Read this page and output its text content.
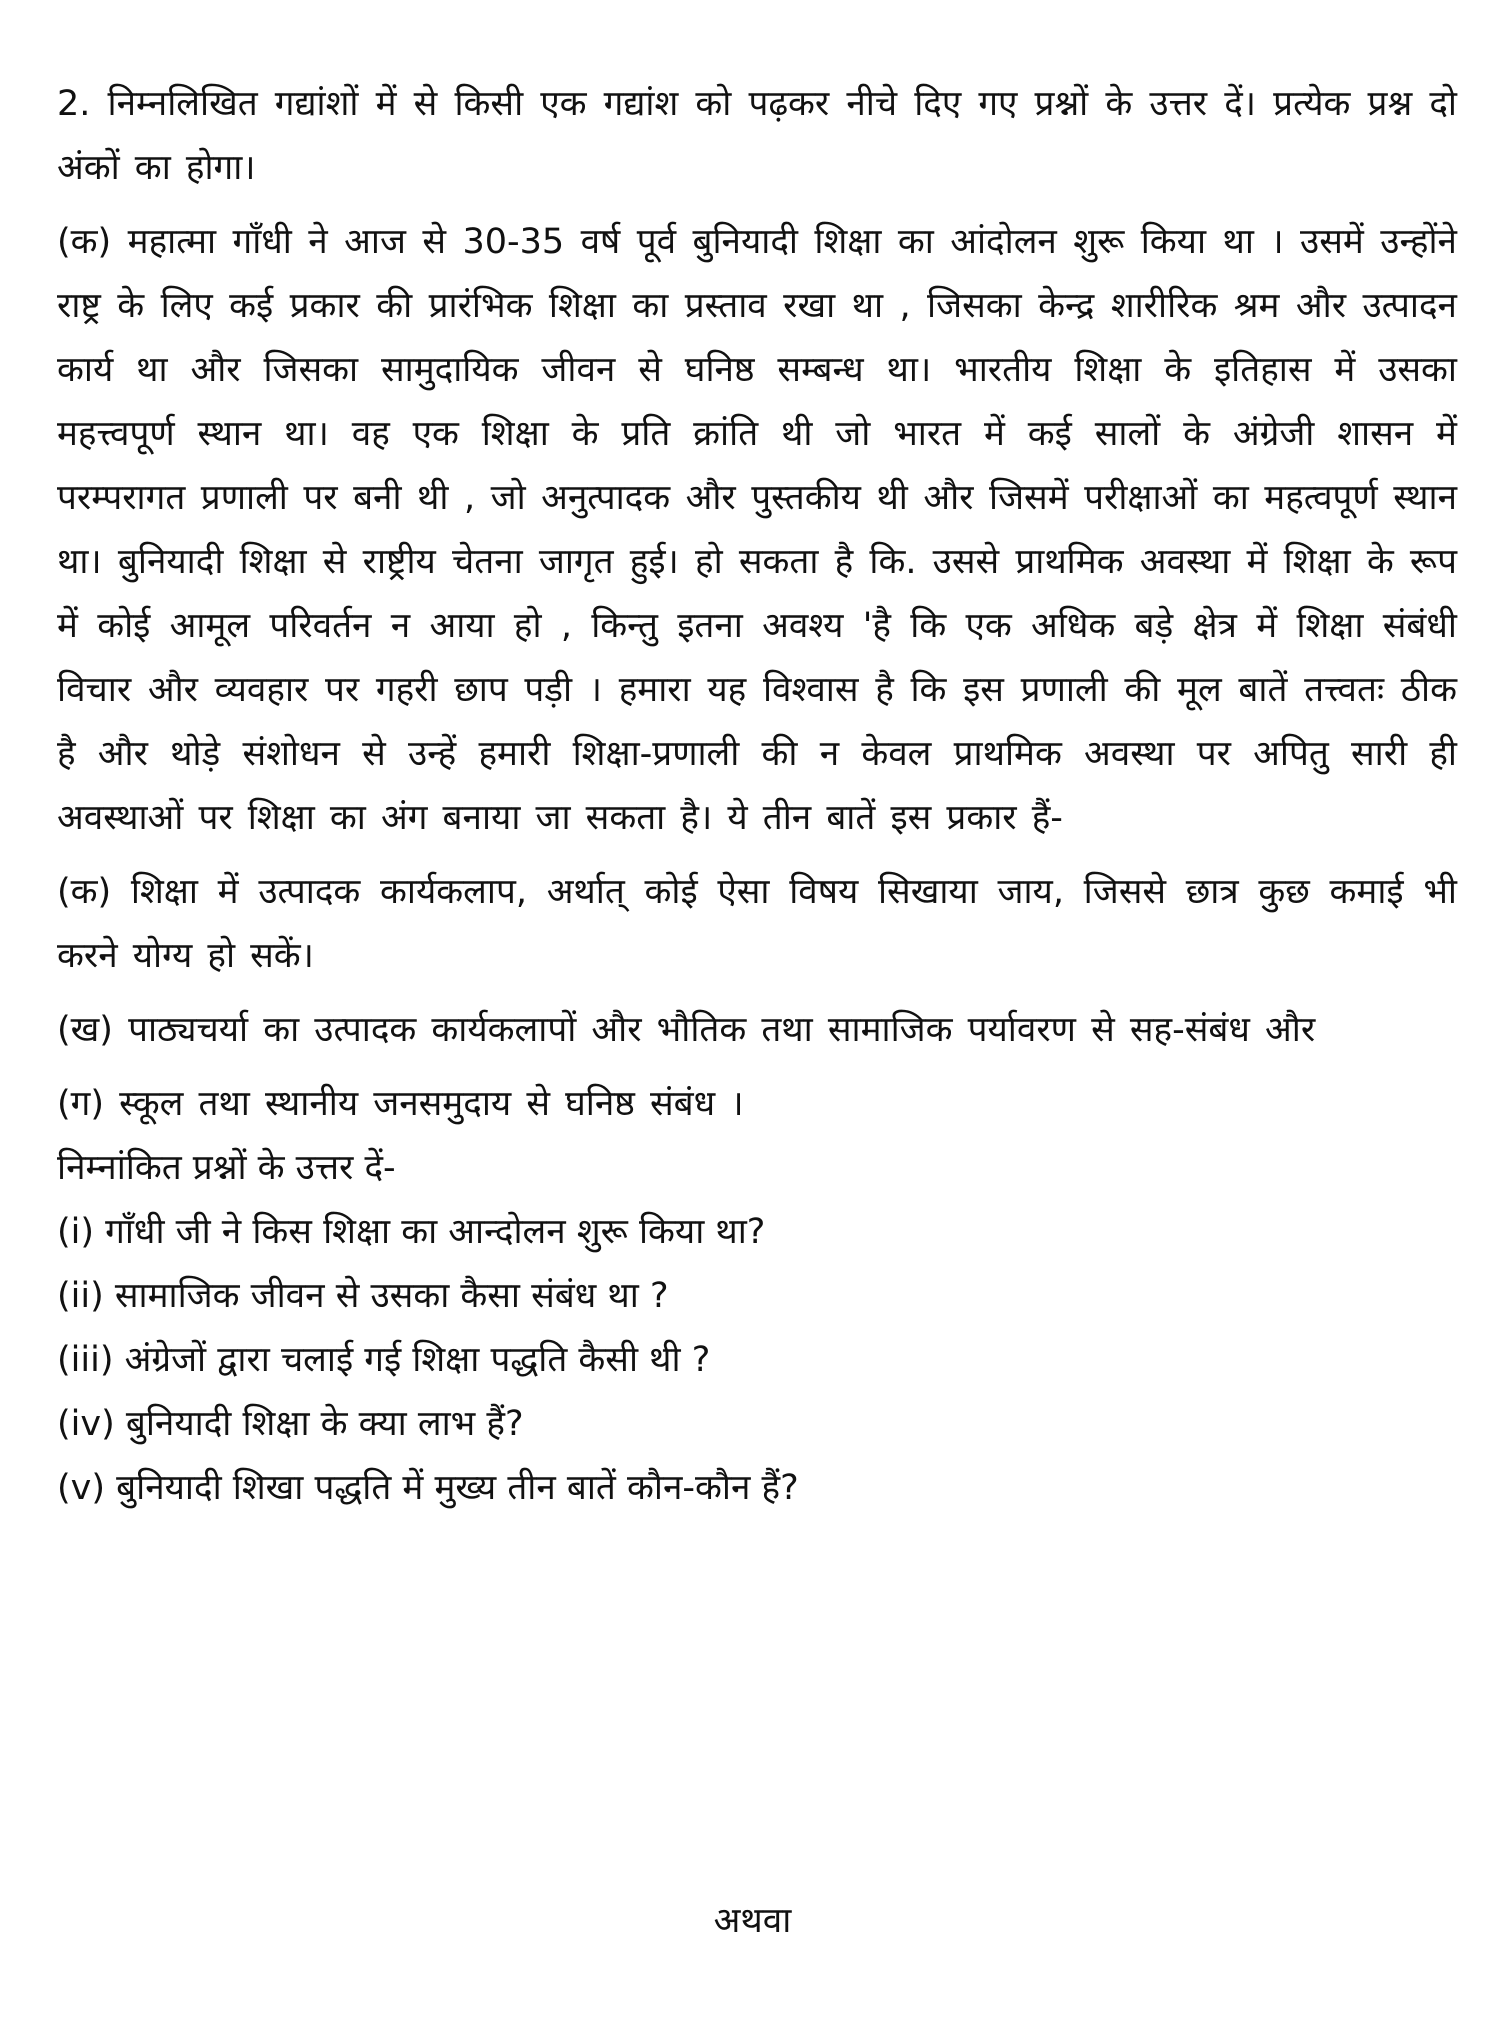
2. निम्नलिखित गद्यांशों में से किसी एक गद्यांश को पढ़कर नीचे दिए गए प्रश्नों के उत्तर दें। प्रत्येक प्रश्न दो अंकों का होगा।

(क) महात्मा गाँधी ने आज से 30-35 वर्ष पूर्व बुनियादी शिक्षा का आंदोलन शुरू किया था । उसमें उन्होंने राष्ट्र के लिए कई प्रकार की प्रारंभिक शिक्षा का प्रस्ताव रखा था , जिसका केन्द्र शारीरिक श्रम और उत्पादन कार्य था और जिसका सामुदायिक जीवन से घनिष्ठ सम्बन्ध था। भारतीय शिक्षा के इतिहास में उसका महत्त्वपूर्ण स्थान था। वह एक शिक्षा के प्रति क्रांति थी जो भारत में कई सालों के अंग्रेजी शासन में परम्परागत प्रणाली पर बनी थी , जो अनुत्पादक और पुस्तकीय थी और जिसमें परीक्षाओं का महत्वपूर्ण स्थान था। बुनियादी शिक्षा से राष्ट्रीय चेतना जागृत हुई। हो सकता है कि. उससे प्राथमिक अवस्था में शिक्षा के रूप में कोई आमूल परिवर्तन न आया हो , किन्तु इतना अवश्य 'है कि एक अधिक बड़े क्षेत्र में शिक्षा संबंधी विचार और व्यवहार पर गहरी छाप पड़ी । हमारा यह विश्वास है कि इस प्रणाली की मूल बातें तत्त्वतः ठीक है और थोड़े संशोधन से उन्हें हमारी शिक्षा-प्रणाली की न केवल प्राथमिक अवस्था पर अपितु सारी ही अवस्थाओं पर शिक्षा का अंग बनाया जा सकता है। ये तीन बातें इस प्रकार हैं-

(क) शिक्षा में उत्पादक कार्यकलाप, अर्थात् कोई ऐसा विषय सिखाया जाय, जिससे छात्र कुछ कमाई भी करने योग्य हो सकें।

(ख) पाठ्यचर्या का उत्पादक कार्यकलापों और भौतिक तथा सामाजिक पर्यावरण से सह-संबंध और

(ग) स्कूल तथा स्थानीय जनसमुदाय से घनिष्ठ संबंध ।

निम्नांकित प्रश्नों के उत्तर दें-

(i) गाँधी जी ने किस शिक्षा का आन्दोलन शुरू किया था?

(ii) सामाजिक जीवन से उसका कैसा संबंध था ?

(iii) अंग्रेजों द्वारा चलाई गई शिक्षा पद्धति कैसी थी ?

(iv) बुनियादी शिक्षा के क्या लाभ हैं?

(v) बुनियादी शिखा पद्धति में मुख्य तीन बातें कौन-कौन हैं?

अथवा
